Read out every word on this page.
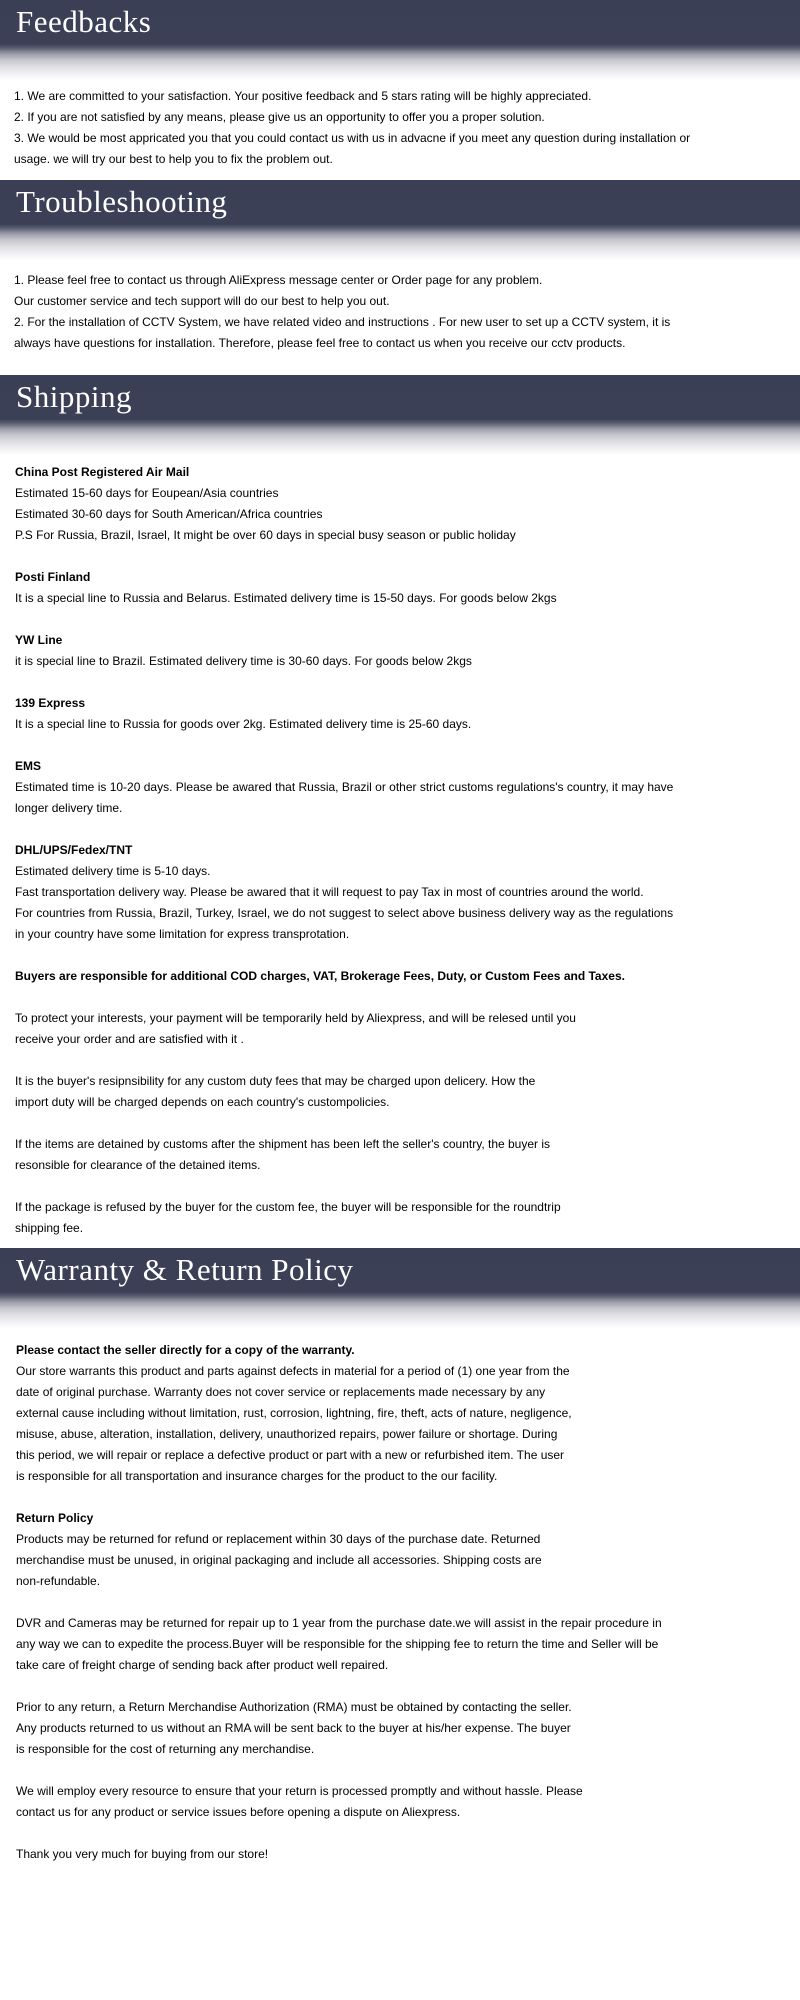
Feedbacks

1. We are committed to your satisfaction. Your positive feedback and 5 stars rating will be highly appreciated.

2. If you are not satisfied by any means, please give us an opportunity to offer you a proper solution.

3. We would be most appricated you that you could contact us with us in advacne if you meet any question during installation or

usage. we will try our best to help you to fix the problem out.

Troubleshooting

1. Please feel free to contact us through AliExpress message center or Order page for any problem.

Our customer service and tech support will do our best to help you out.

2. For the installation of CCTV System, we have related video and instructions . For new user to set up a CCTV system, it is

always have questions for installation. Therefore, please feel free to contact us when you receive our cctv products.

Shipping

China Post Registered Air Mail

Estimated 15-60 days for Eoupean/Asia countries

Estimated 30-60 days for South American/Africa countries

P.S For Russia, Brazil, Israel, It might be over 60 days in special busy season or public holiday

Posti Finland

It is a special line to Russia and Belarus. Estimated delivery time is 15-50 days. For goods below 2kgs

YW Line

it is special line to Brazil. Estimated delivery time is 30-60 days. For goods below 2kgs

139 Express

It is a special line to Russia for goods over 2kg. Estimated delivery time is 25-60 days.

EMS

Estimated time is 10-20 days. Please be awared that Russia, Brazil or other strict customs regulations's country, it may have

longer delivery time.

DHL/UPS/Fedex/TNT

Estimated delivery time is 5-10 days.

Fast transportation delivery way. Please be awared that it will request to pay Tax in most of countries around the world.

For countries from Russia, Brazil, Turkey, Israel, we do not suggest to select above business delivery way as the regulations

in your country have some limitation for express transprotation.

Buyers are responsible for additional COD charges, VAT, Brokerage Fees, Duty, or Custom Fees and Taxes.

To protect your interests, your payment will be temporarily held by Aliexpress, and will be relesed until you

receive your order and are satisfied with it .

It is the buyer's resipnsibility for any custom duty fees that may be charged upon delicery. How the

import duty will be charged depends on each country's custompolicies.

If the items are detained by customs after the shipment has been left the seller's country, the buyer is

resonsible for clearance of the detained items.

If the package is refused by the buyer for the custom fee, the buyer will be responsible for the roundtrip

shipping fee.

Warranty & Return Policy

Please contact the seller directly for a copy of the warranty.

Our store warrants this product and parts against defects in material for a period of (1) one year from the

date of original purchase. Warranty does not cover service or replacements made necessary by any

external cause including without limitation, rust, corrosion, lightning, fire, theft, acts of nature, negligence,

misuse, abuse, alteration, installation, delivery, unauthorized repairs, power failure or shortage. During

this period, we will repair or replace a defective product or part with a new or refurbished item. The user

is responsible for all transportation and insurance charges for the product to the our facility.

Return Policy

Products may be returned for refund or replacement within 30 days of the purchase date. Returned

merchandise must be unused, in original packaging and include all accessories. Shipping costs are

non-refundable.

DVR and Cameras may be returned for repair up to 1 year from the purchase date.we will assist in the repair procedure in

any way we can to expedite the process.Buyer will be responsible for the shipping fee to return the time and Seller will be

take care of freight charge of sending back after product well repaired.

Prior to any return, a Return Merchandise Authorization (RMA) must be obtained by contacting the seller.

Any products returned to us without an RMA will be sent back to the buyer at his/her expense. The buyer

is responsible for the cost of returning any merchandise.

We will employ every resource to ensure that your return is processed promptly and without hassle. Please

contact us for any product or service issues before opening a dispute on Aliexpress.

Thank you very much for buying from our store!
